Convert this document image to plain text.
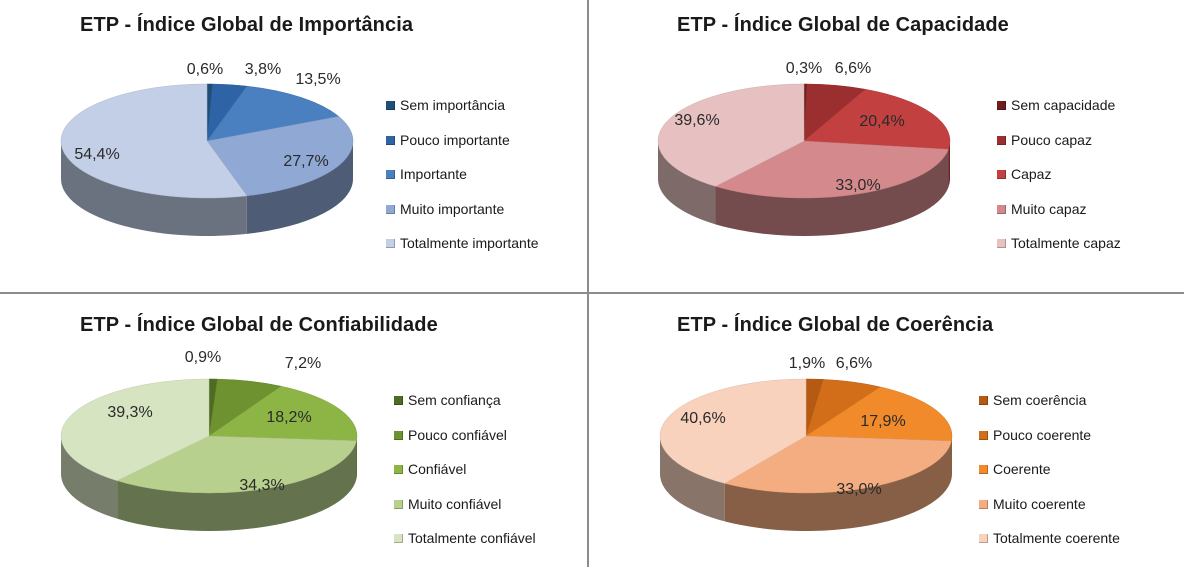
ETP - Índice Global de Importância
0,6% 3,8%
13,5%
27,7%
54,4%
Sem importância
Pouco importante
Importante
Muito importante
Totalmente importante
ETP - Índice Global de Capacidade
0,3% 6,6%
20,4%
33,0%
39,6%
Sem capacidade
Pouco capaz
Capaz
Muito capaz
Totalmente capaz
ETP - Índice Global de Confiabilidade
0,9%	7,2%
18,2%
34,3%
39,3%
Sem confiança
Pouco confiável
Confiável
Muito confiável
Totalmente confiável
ETP - Índice Global de Coerência
1,9% 6,6%
17,9%
33,0%
40,6%
Sem coerência
Pouco coerente
Coerente
Muito coerente
Totalmente coerente
